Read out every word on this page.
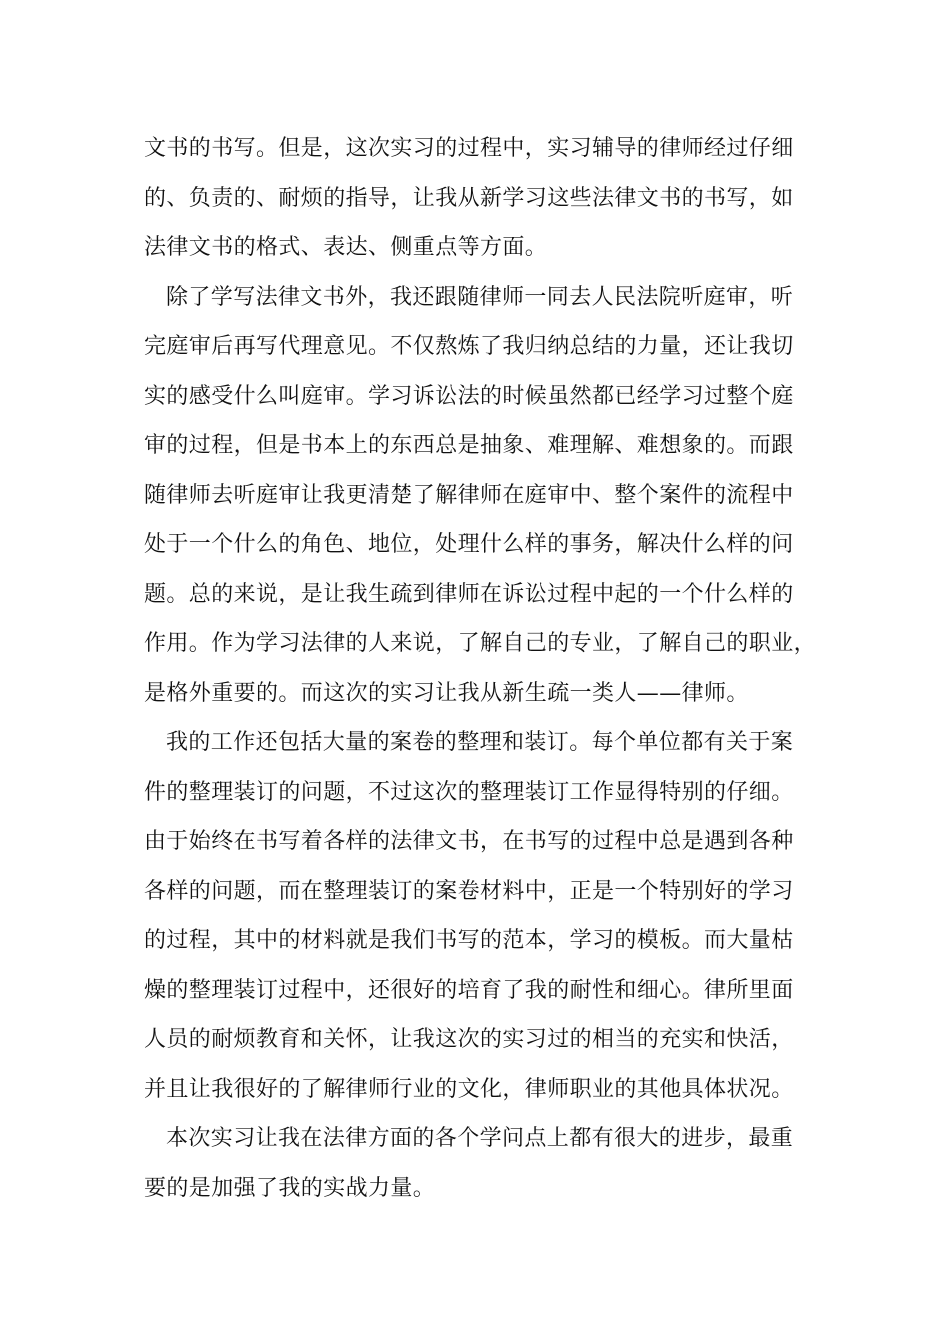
文书的书写。但是，这次实习的过程中，实习辅导的律师经过仔细
的、负责的、耐烦的指导，让我从新学习这些法律文书的书写，如
法律文书的格式、表达、侧重点等方面。
除了学写法律文书外，我还跟随律师一同去人民法院听庭审，听
完庭审后再写代理意见。不仅熬炼了我归纳总结的力量，还让我切
实的感受什么叫庭审。学习诉讼法的时候虽然都已经学习过整个庭
审的过程，但是书本上的东西总是抽象、难理解、难想象的。而跟
随律师去听庭审让我更清楚了解律师在庭审中、整个案件的流程中
处于一个什么的角色、地位，处理什么样的事务，解决什么样的问
题。总的来说，是让我生疏到律师在诉讼过程中起的一个什么样的
作用。作为学习法律的人来说，了解自己的专业，了解自己的职业，
是格外重要的。而这次的实习让我从新生疏一类人——律师。
我的工作还包括大量的案卷的整理和装订。每个单位都有关于案
件的整理装订的问题，不过这次的整理装订工作显得特别的仔细。
由于始终在书写着各样的法律文书，在书写的过程中总是遇到各种
各样的问题，而在整理装订的案卷材料中，正是一个特别好的学习
的过程，其中的材料就是我们书写的范本，学习的模板。而大量枯
燥的整理装订过程中，还很好的培育了我的耐性和细心。律所里面
人员的耐烦教育和关怀，让我这次的实习过的相当的充实和快活，
并且让我很好的了解律师行业的文化，律师职业的其他具体状况。
本次实习让我在法律方面的各个学问点上都有很大的进步，最重
要的是加强了我的实战力量。
